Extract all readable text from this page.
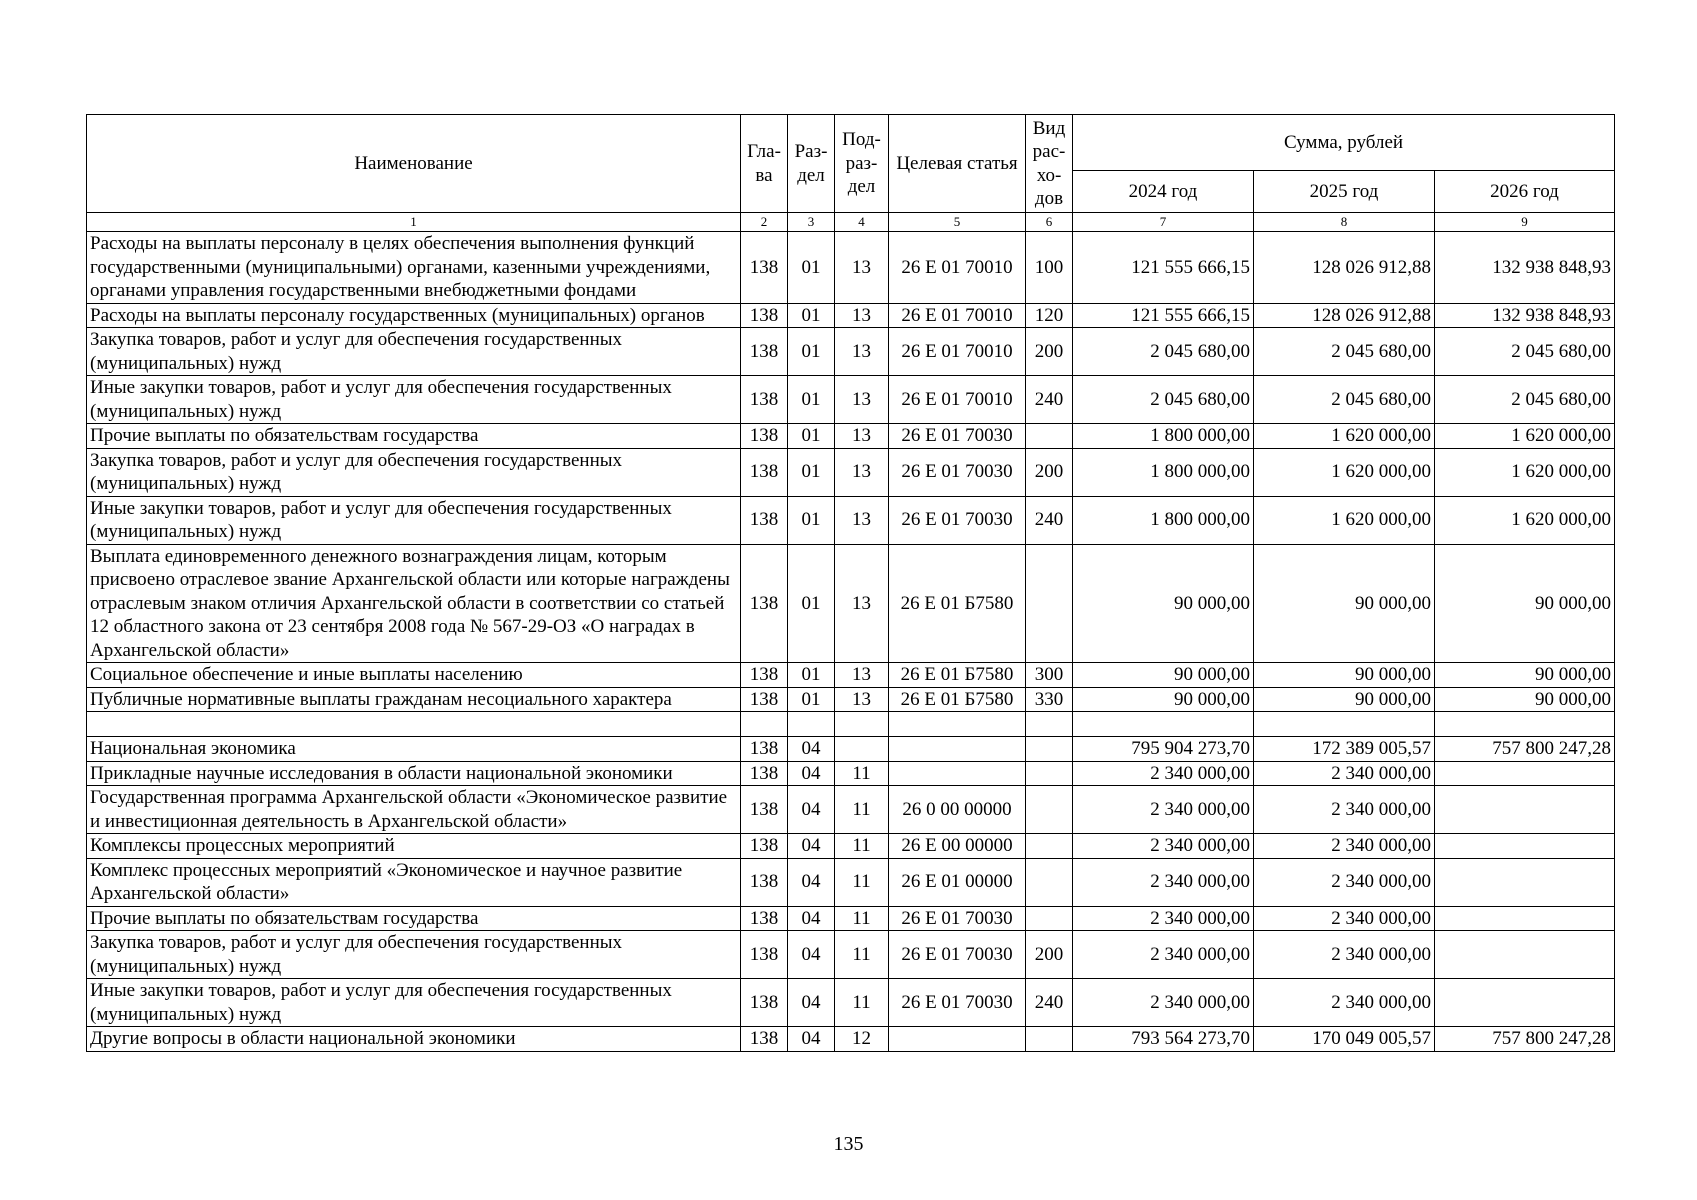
Наименование	Гла-ва	Раз-дел	Под-раз-дел	Целевая статья	Вид рас-хо-дов	Сумма, рублей		
						2024 год	2025 год	2026 год
1	2	3	4	5	6	7	8	9
Расходы на выплаты персоналу в целях обеспечения выполнения функций государственными (муниципальными) органами, казенными учреждениями, органами управления государственными внебюджетными фондами	138	01	13	26 Е 01 70010	100	121 555 666,15	128 026 912,88	132 938 848,93
Расходы на выплаты персоналу государственных (муниципальных) органов	138	01	13	26 Е 01 70010	120	121 555 666,15	128 026 912,88	132 938 848,93
Закупка товаров, работ и услуг для обеспечения государственных (муниципальных) нужд	138	01	13	26 Е 01 70010	200	2 045 680,00	2 045 680,00	2 045 680,00
Иные закупки товаров, работ и услуг для обеспечения государственных (муниципальных) нужд	138	01	13	26 Е 01 70010	240	2 045 680,00	2 045 680,00	2 045 680,00
Прочие выплаты по обязательствам государства	138	01	13	26 Е 01 70030		1 800 000,00	1 620 000,00	1 620 000,00
Закупка товаров, работ и услуг для обеспечения государственных (муниципальных) нужд	138	01	13	26 Е 01 70030	200	1 800 000,00	1 620 000,00	1 620 000,00
Иные закупки товаров, работ и услуг для обеспечения государственных (муниципальных) нужд	138	01	13	26 Е 01 70030	240	1 800 000,00	1 620 000,00	1 620 000,00
Выплата единовременного денежного вознаграждения лицам, которым присвоено отраслевое звание Архангельской области или которые награждены отраслевым знаком отличия Архангельской области в соответствии со статьей 12 областного закона от 23 сентября 2008 года № 567-29-ОЗ «О наградах в Архангельской области»	138	01	13	26 Е 01 Б7580		90 000,00	90 000,00	90 000,00
Социальное обеспечение и иные выплаты населению	138	01	13	26 Е 01 Б7580	300	90 000,00	90 000,00	90 000,00
Публичные нормативные выплаты гражданам несоциального характера	138	01	13	26 Е 01 Б7580	330	90 000,00	90 000,00	90 000,00

Национальная экономика	138	04				795 904 273,70	172 389 005,57	757 800 247,28
Прикладные научные исследования в области национальной экономики	138	04	11			2 340 000,00	2 340 000,00	
Государственная программа Архангельской области «Экономическое развитие и инвестиционная деятельность в Архангельской области»	138	04	11	26 0 00 00000		2 340 000,00	2 340 000,00	
Комплексы процессных мероприятий	138	04	11	26 Е 00 00000		2 340 000,00	2 340 000,00	
Комплекс процессных мероприятий «Экономическое и научное развитие Архангельской области»	138	04	11	26 Е 01 00000		2 340 000,00	2 340 000,00	
Прочие выплаты по обязательствам государства	138	04	11	26 Е 01 70030		2 340 000,00	2 340 000,00	
Закупка товаров, работ и услуг для обеспечения государственных (муниципальных) нужд	138	04	11	26 Е 01 70030	200	2 340 000,00	2 340 000,00	
Иные закупки товаров, работ и услуг для обеспечения государственных (муниципальных) нужд	138	04	11	26 Е 01 70030	240	2 340 000,00	2 340 000,00	
Другие вопросы в области национальной экономики	138	04	12			793 564 273,70	170 049 005,57	757 800 247,28
135
